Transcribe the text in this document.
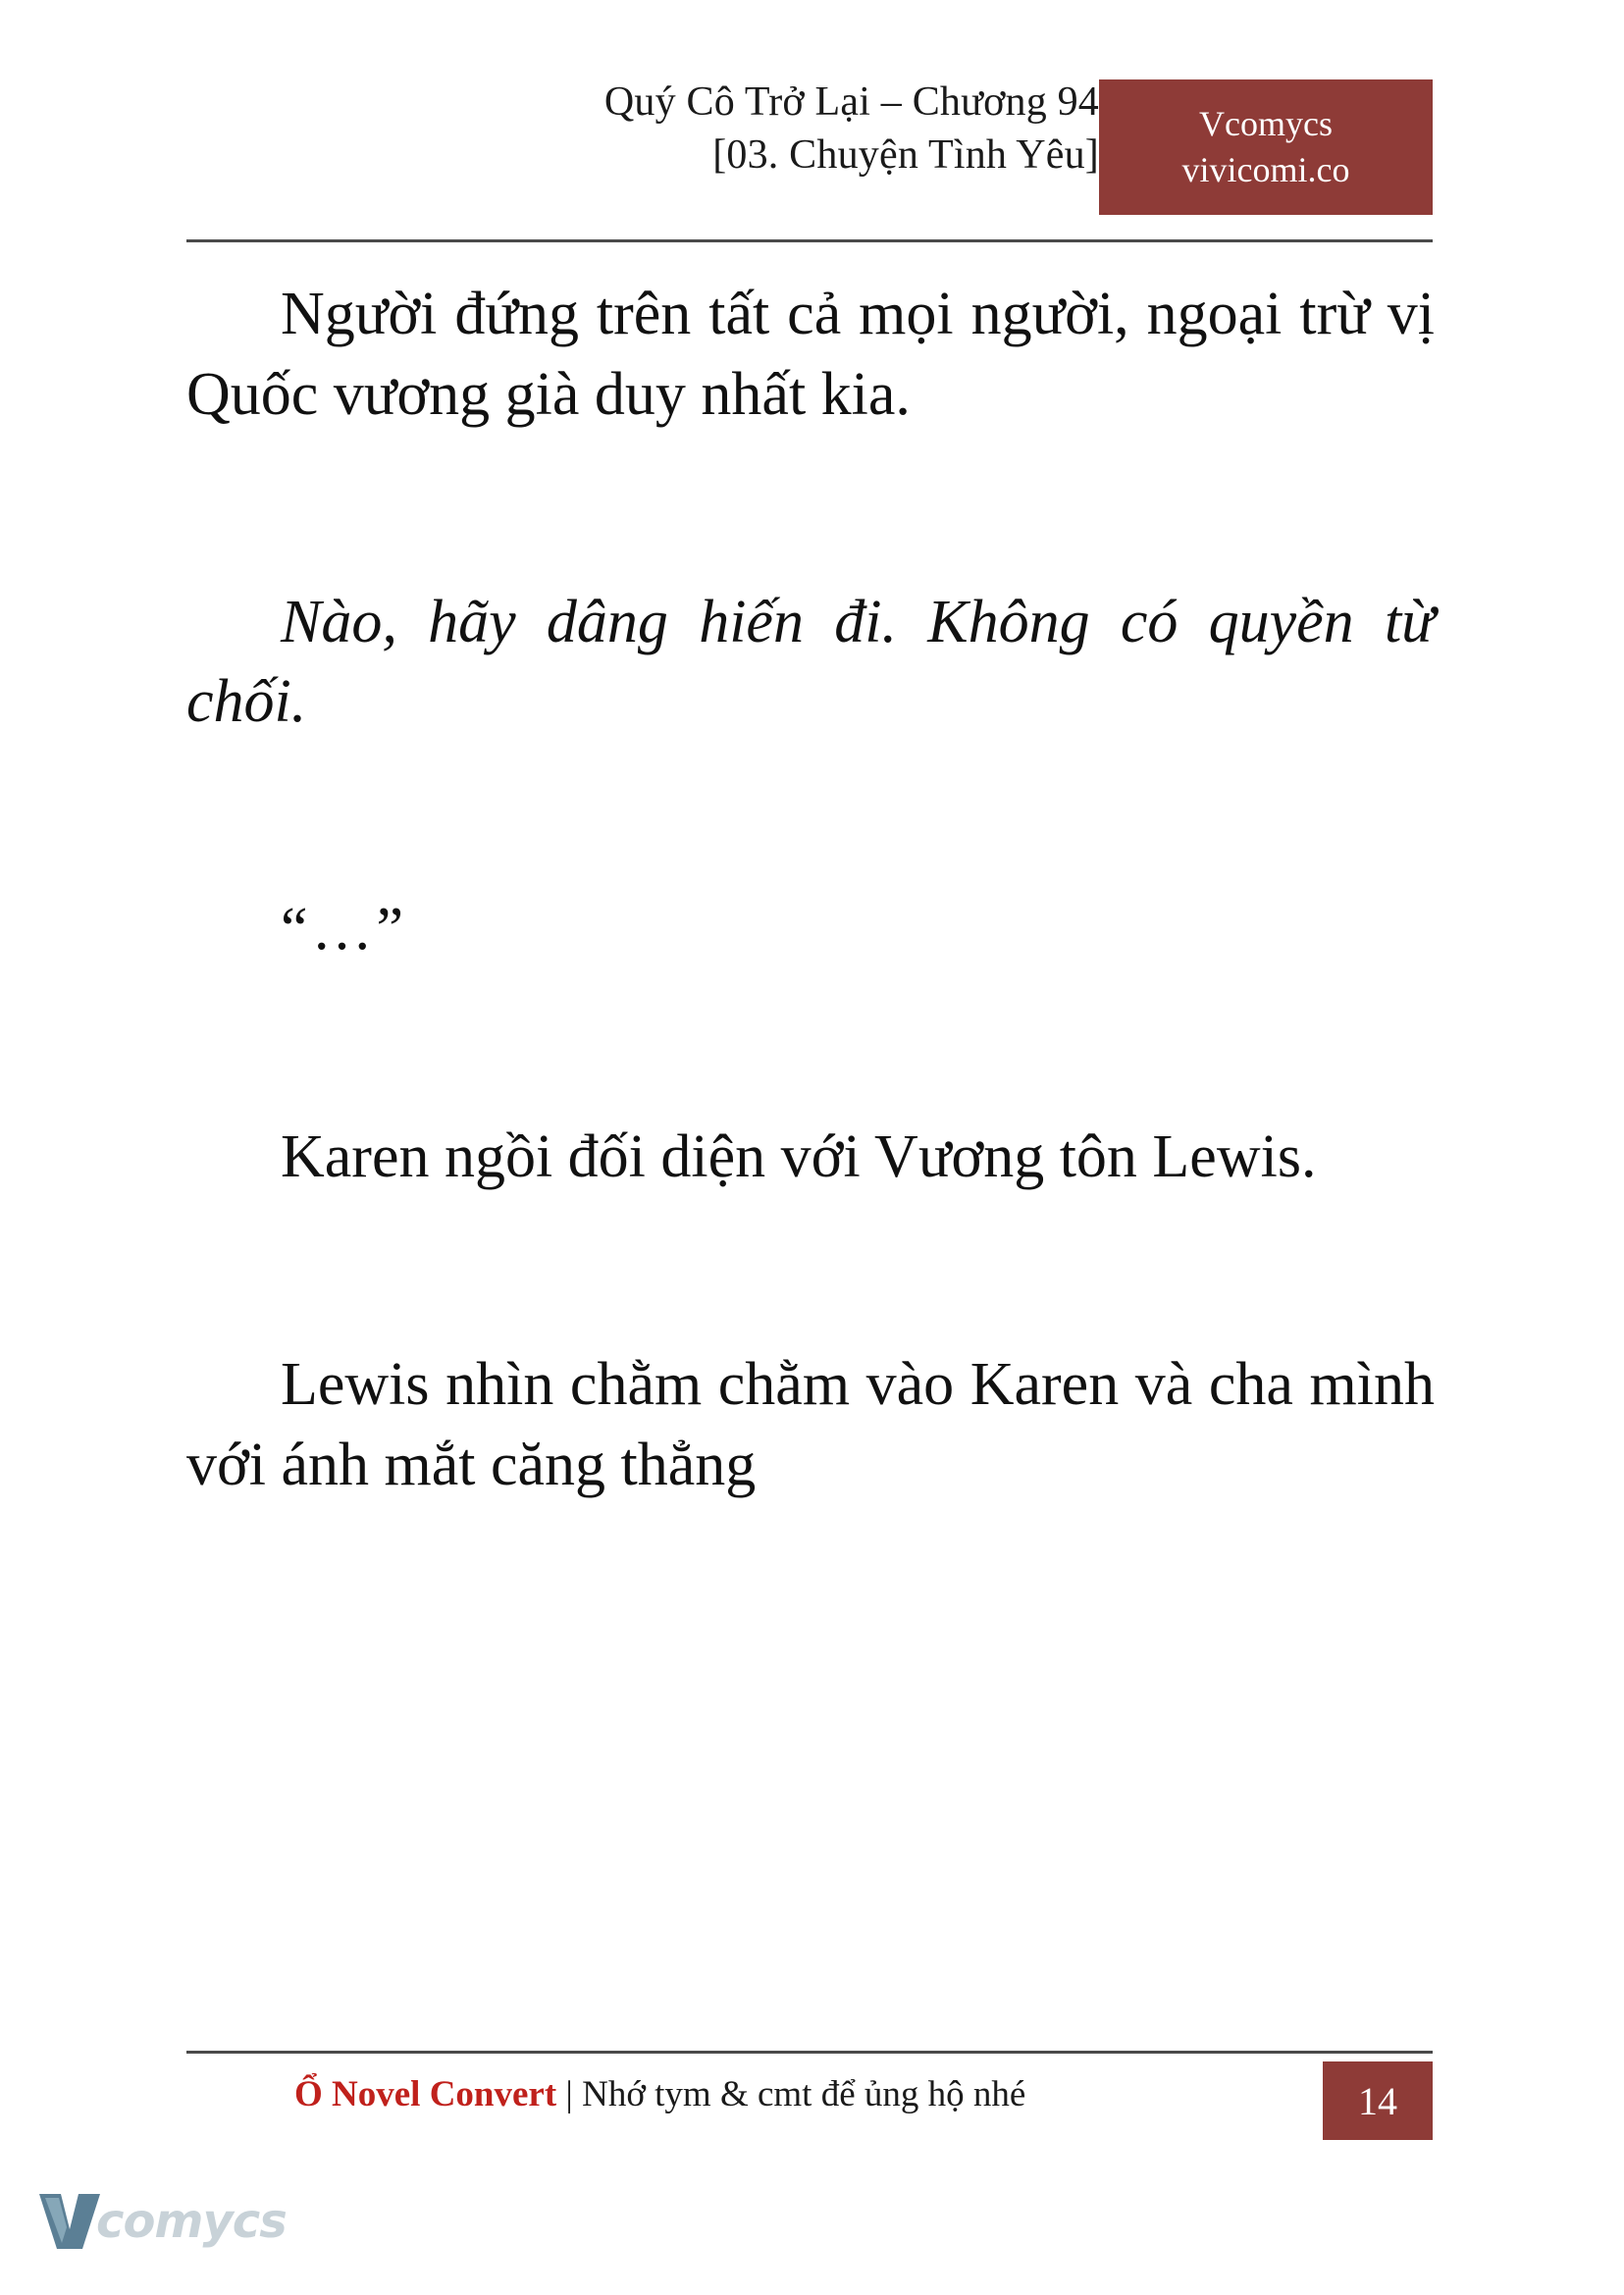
Quý Cô Trở Lại – Chương 94
[03. Chuyện Tình Yêu]
Vcomycs
vivicomi.co

Người đứng trên tất cả mọi người, ngoại trừ vị Quốc vương già duy nhất kia.

Nào, hãy dâng hiến đi. Không có quyền từ chối.

“…”

Karen ngồi đối diện với Vương tôn Lewis.

Lewis nhìn chằm chằm vào Karen và cha mình với ánh mắt căng thẳng

Ổ Novel Convert | Nhớ tym & cmt để ủng hộ nhé	14
comycs
